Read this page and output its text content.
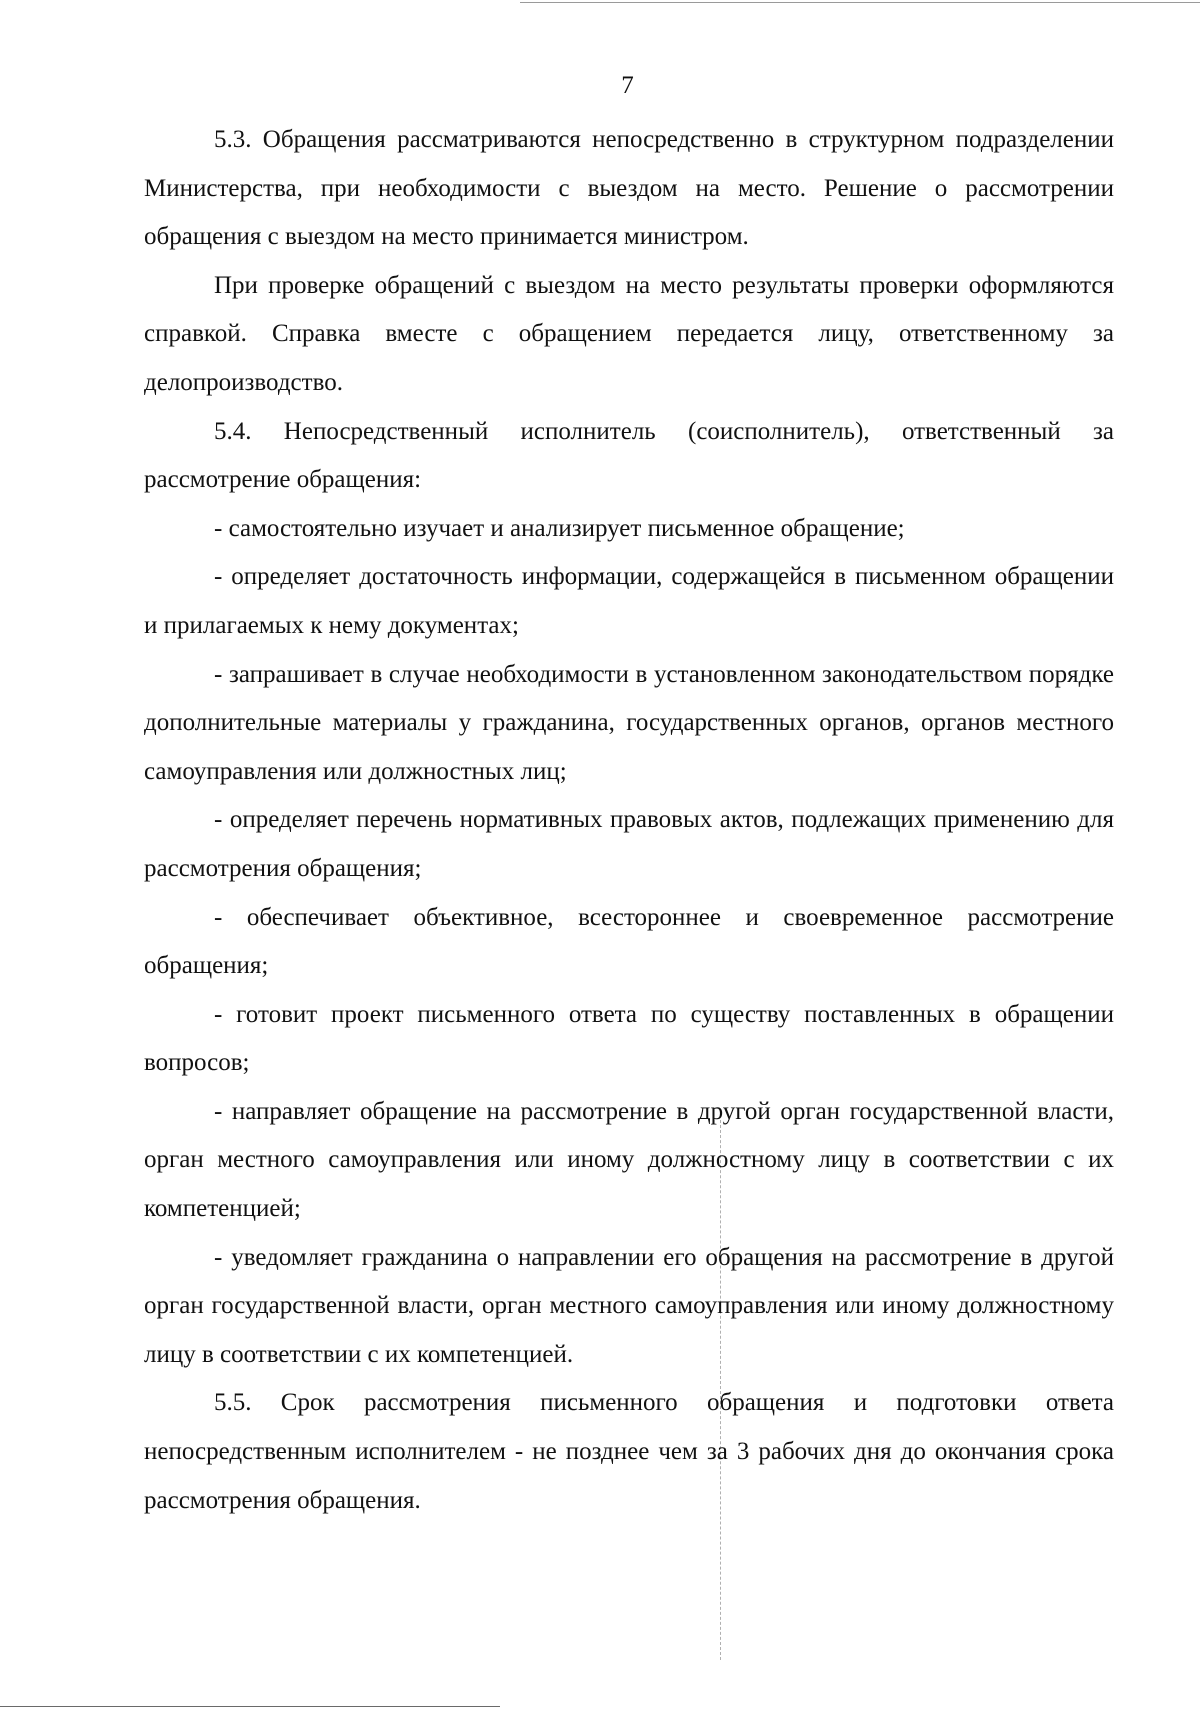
7

5.3. Обращения рассматриваются непосредственно в структурном подразделении Министерства, при необходимости с выездом на место. Решение о рассмотрении обращения с выездом на место принимается министром.

При проверке обращений с выездом на место результаты проверки оформляются справкой. Справка вместе с обращением передается лицу, ответственному за делопроизводство.

5.4. Непосредственный исполнитель (соисполнитель), ответственный за рассмотрение обращения:

- самостоятельно изучает и анализирует письменное обращение;

- определяет достаточность информации, содержащейся в письменном обращении и прилагаемых к нему документах;

- запрашивает в случае необходимости в установленном законодательством порядке дополнительные материалы у гражданина, государственных органов, органов местного самоуправления или должностных лиц;

- определяет перечень нормативных правовых актов, подлежащих применению для рассмотрения обращения;

- обеспечивает объективное, всестороннее и своевременное рассмотрение обращения;

- готовит проект письменного ответа по существу поставленных в обращении вопросов;

- направляет обращение на рассмотрение в другой орган государственной власти, орган местного самоуправления или иному должностному лицу в соответствии с их компетенцией;

- уведомляет гражданина о направлении его обращения на рассмотрение в другой орган государственной власти, орган местного самоуправления или иному должностному лицу в соответствии с их компетенцией.

5.5. Срок рассмотрения письменного обращения и подготовки ответа непосредственным исполнителем - не позднее чем за 3 рабочих дня до окончания срока рассмотрения обращения.
